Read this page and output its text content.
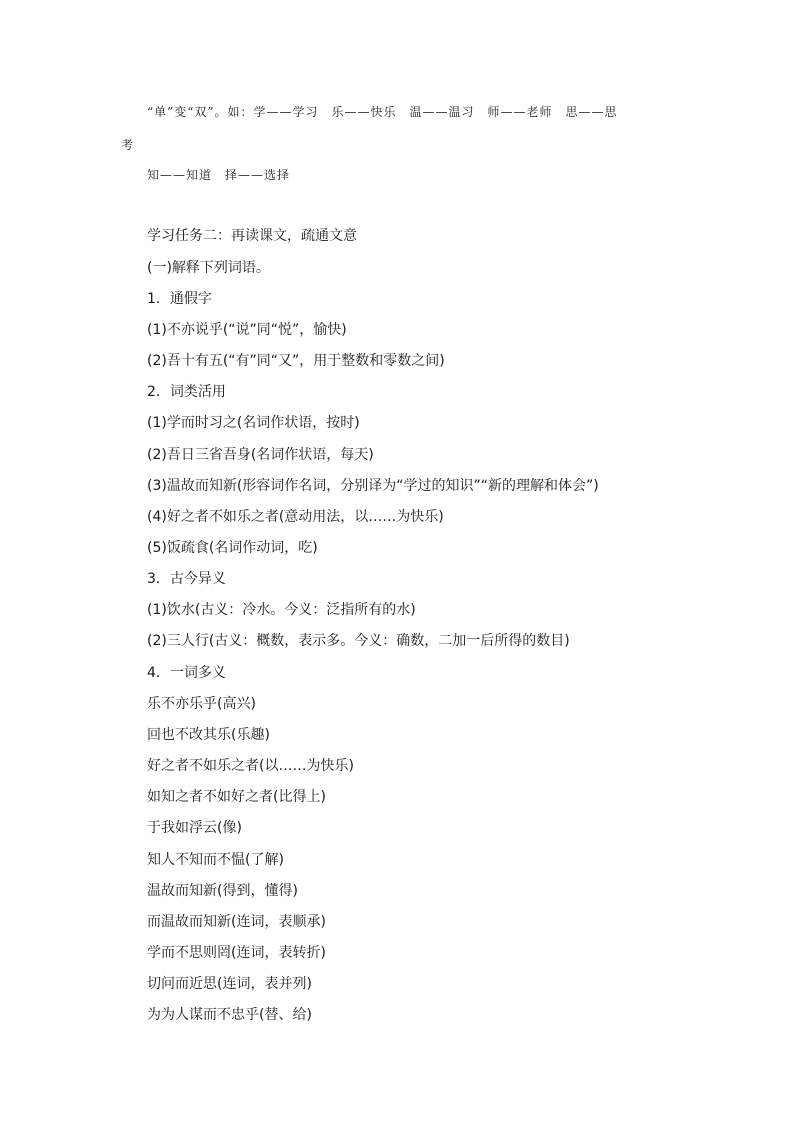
“单”变“双”。如：学——学习　乐——快乐　温——温习　师——老师　思——思
考
知——知道　择——选择
学习任务二：再读课文，疏通文意
(一)解释下列词语。
1．通假字
(1)不亦说乎(“说”同“悦”，愉快)
(2)吾十有五(“有”同“又”，用于整数和零数之间)
2．词类活用
(1)学而时习之(名词作状语，按时)
(2)吾日三省吾身(名词作状语，每天)
(3)温故而知新(形容词作名词，分别译为“学过的知识”“新的理解和体会”)
(4)好之者不如乐之者(意动用法，以……为快乐)
(5)饭疏食(名词作动词，吃)
3．古今异义
(1)饮水(古义：冷水。今义：泛指所有的水)
(2)三人行(古义：概数，表示多。今义：确数，二加一后所得的数目)
4．一词多义
乐不亦乐乎(高兴)
回也不改其乐(乐趣)
好之者不如乐之者(以……为快乐)
如知之者不如好之者(比得上)
于我如浮云(像)
知人不知而不愠(了解)
温故而知新(得到，懂得)
而温故而知新(连词，表顺承)
学而不思则罔(连词，表转折)
切问而近思(连词，表并列)
为为人谋而不忠乎(替、给)
